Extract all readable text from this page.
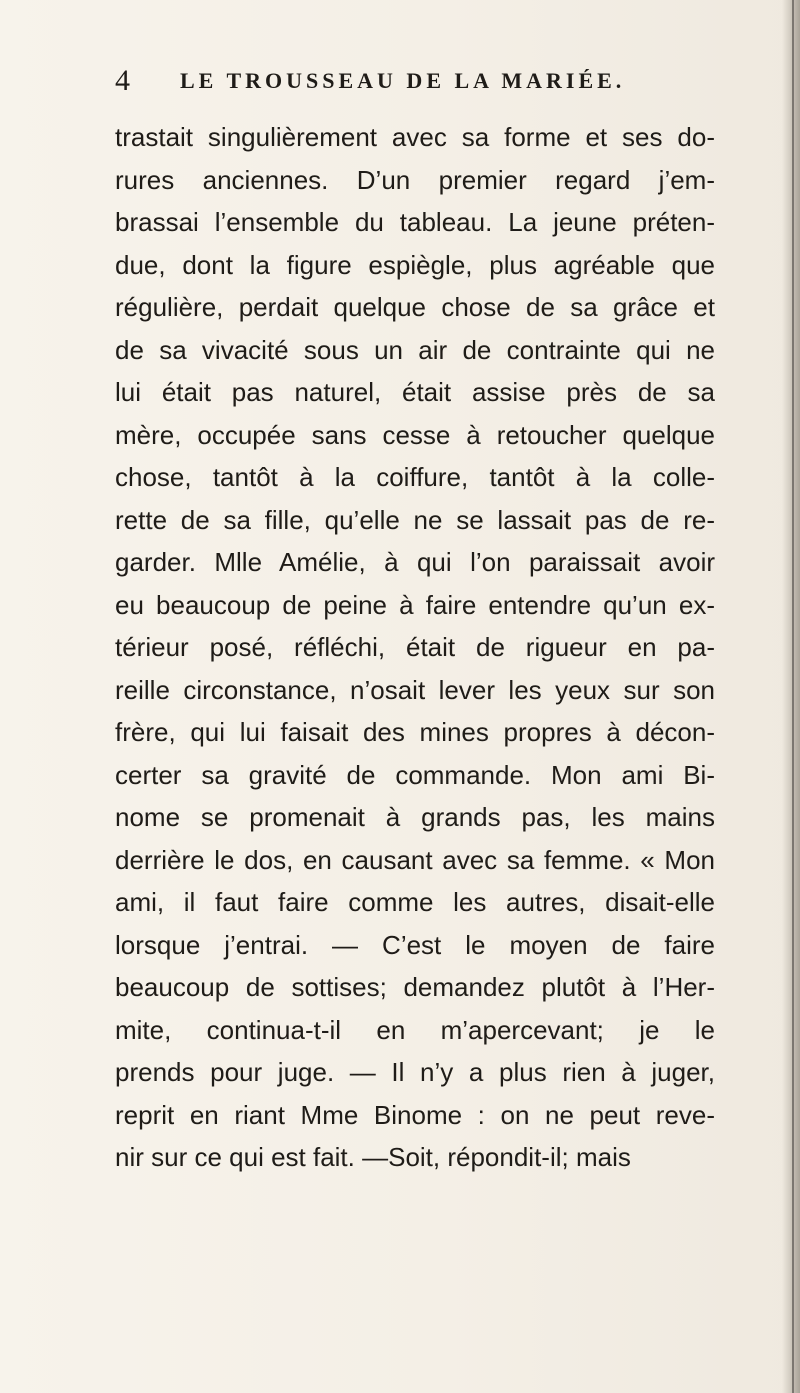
4 LE TROUSSEAU DE LA MARIÉE.
trastait singulièrement avec sa forme et ses do-
rures anciennes. D’un premier regard j’em-
brassai l’ensemble du tableau. La jeune préten-
due, dont la figure espiègle, plus agréable que
régulière, perdait quelque chose de sa grâce et
de sa vivacité sous un air de contrainte qui ne
lui était pas naturel, était assise près de sa
mère, occupée sans cesse à retoucher quelque
chose, tantôt à la coiffure, tantôt à la colle-
rette de sa fille, qu’elle ne se lassait pas de re-
garder. Mlle Amélie, à qui l’on paraissait avoir
eu beaucoup de peine à faire entendre qu’un ex-
térieur posé, réfléchi, était de rigueur en pa-
reille circonstance, n’osait lever les yeux sur son
frère, qui lui faisait des mines propres à décon-
certer sa gravité de commande. Mon ami Bi-
nome se promenait à grands pas, les mains
derrière le dos, en causant avec sa femme. « Mon
ami, il faut faire comme les autres, disait-elle
lorsque j’entrai. — C’est le moyen de faire
beaucoup de sottises; demandez plutôt à l’Her-
mite, continua-t-il en m’apercevant; je le
prends pour juge. — Il n’y a plus rien à juger,
reprit en riant Mme Binome : on ne peut reve-
nir sur ce qui est fait. —Soit, répondit-il; mais
